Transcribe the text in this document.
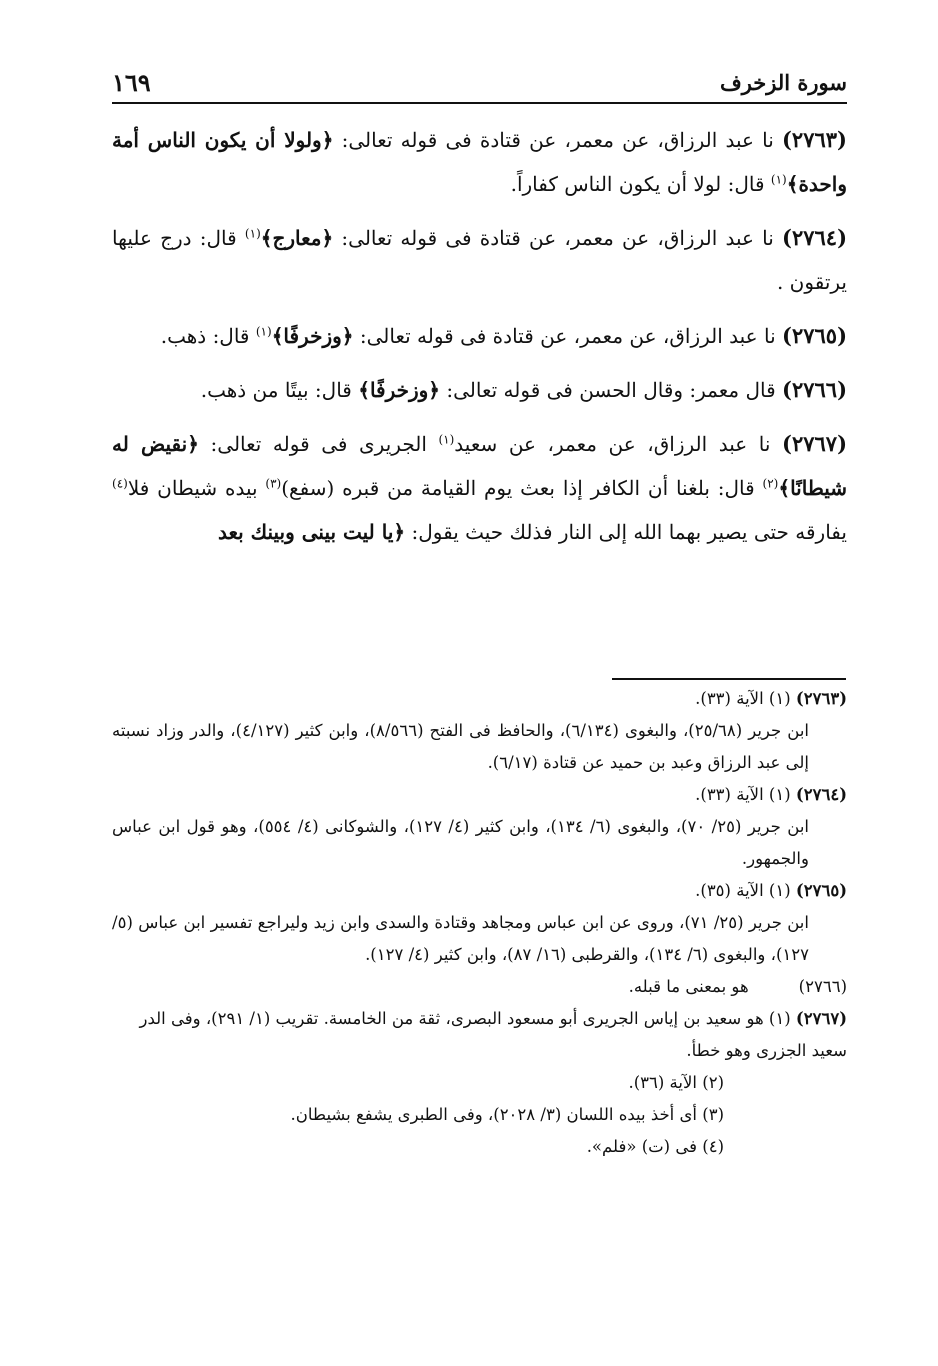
سورة الزخرف
١٦٩

(٢٧٦٣) نا عبد الرزاق، عن معمر، عن قتادة فى قوله تعالى: ﴿ولولا أن يكون الناس أمة واحدة﴾$^{(١)}$ قال: لولا أن يكون الناس كفاراً.

(٢٧٦٤) نا عبد الرزاق، عن معمر، عن قتادة فى قوله تعالى: ﴿معارج﴾$^{(١)}$ قال: درج عليها يرتقون .

(٢٧٦٥) نا عبد الرزاق، عن معمر، عن قتادة فى قوله تعالى: ﴿وزخرفًا﴾$^{(١)}$ قال: ذهب.

(٢٧٦٦) قال معمر: وقال الحسن فى قوله تعالى: ﴿وزخرفًا﴾ قال: بيتًا من ذهب.

(٢٧٦٧) نا عبد الرزاق، عن معمر، عن سعيد$^{(١)}$ الجريرى فى قوله تعالى: ﴿نقيض له شيطانًا﴾$^{(٢)}$ قال: بلغنا أن الكافر إذا بعث يوم القيامة من قبره (سفع)$^{(٣)}$ بيده شيطان فلا$^{(٤)}$ يفارقه حتى يصير بهما الله إلى النار فذلك حيث يقول: ﴿يا ليت بينى وبينك بعد

(٢٧٦٣) (١) الآية (٣٣).

ابن جرير (٢٥/٦٨)، والبغوى (٦/١٣٤)، والحافظ فى الفتح (٨/٥٦٦)، وابن كثير (٤/١٢٧)، والدر وزاد نسبته إلى عبد الرزاق وعبد بن حميد عن قتادة (٦/١٧).

(٢٧٦٤) (١) الآية (٣٣).

ابن جرير (٢٥/ ٧٠)، والبغوى (٦/ ١٣٤)، وابن كثير (٤/ ١٢٧)، والشوكانى (٤/ ٥٥٤)، وهو قول ابن عباس والجمهور.

(٢٧٦٥) (١) الآية (٣٥).

ابن جرير (٢٥/ ٧١)، وروى عن ابن عباس ومجاهد وقتادة والسدى وابن زيد وليراجع تفسير ابن عباس (٥/ ١٢٧)، والبغوى (٦/ ١٣٤)، والقرطبى (١٦/ ٨٧)، وابن كثير (٤/ ١٢٧).

(٢٧٦٦)هو بمعنى ما قبله.

(٢٧٦٧) (١) هو سعيد بن إياس الجريرى أبو مسعود البصرى، ثقة من الخامسة. تقريب (١/ ٢٩١)، وفى الدر سعيد الجزرى وهو خطأ.

(٢) الآية (٣٦).

(٣) أى أخذ بيده اللسان (٣/ ٢٠٢٨)، وفى الطبرى يشفع بشيطان.

(٤) فى (ت) «فلم».
